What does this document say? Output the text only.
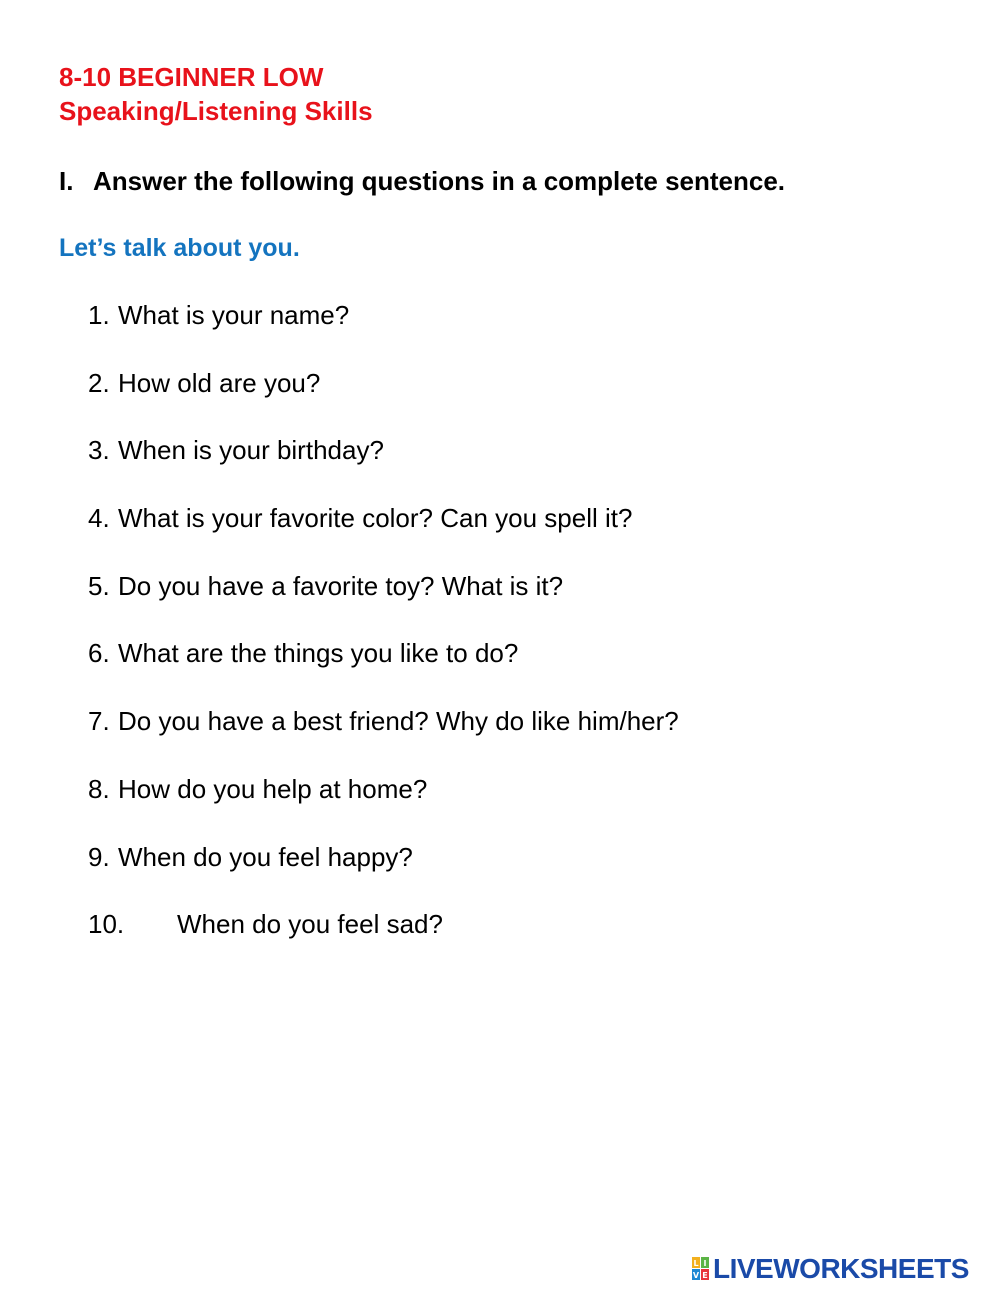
8-10 BEGINNER LOW
Speaking/Listening Skills
I. Answer the following questions in a complete sentence.
Let’s talk about you.
1. What is your name?
2. How old are you?
3. When is your birthday?
4. What is your favorite color? Can you spell it?
5. Do you have a favorite toy? What is it?
6. What are the things you like to do?
7. Do you have a best friend? Why do like him/her?
8. How do you help at home?
9. When do you feel happy?
10. When do you feel sad?
L I
V E LIVEWORKSHEETS
